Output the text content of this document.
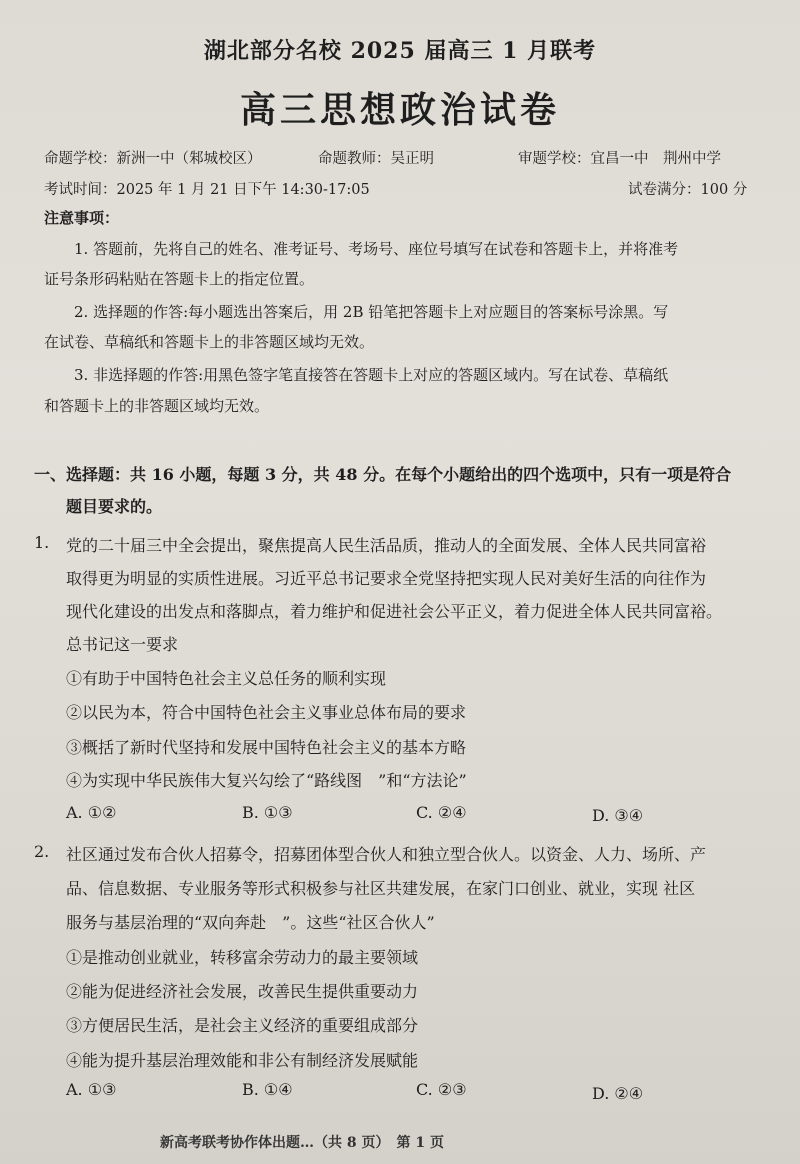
湖北部分名校 2025 届高三 1 月联考
高三思想政治试卷
命题学校：新洲一中（邾城校区）	命题教师：吴正明	审题学校：宜昌一中　荆州中学
考试时间：2025 年 1 月 21 日下午 14:30-17:05	试卷满分：100 分
注意事项：
1. 答题前，先将自己的姓名、准考证号、考场号、座位号填写在试卷和答题卡上，并将准考
证号条形码粘贴在答题卡上的指定位置。
2. 选择题的作答:每小题选出答案后，用 2B 铅笔把答题卡上对应题目的答案标号涂黑。写
在试卷、草稿纸和答题卡上的非答题区域均无效。
3. 非选择题的作答:用黑色签字笔直接答在答题卡上对应的答题区域内。写在试卷、草稿纸
和答题卡上的非答题区域均无效。
一、选择题：共 16 小题，每题 3 分，共 48 分。在每个小题给出的四个选项中，只有一项是符合
题目要求的。
1. 党的二十届三中全会提出，聚焦提高人民生活品质，推动人的全面发展、全体人民共同富裕
取得更为明显的实质性进展。习近平总书记要求全党坚持把实现人民对美好生活的向往作为
现代化建设的出发点和落脚点，着力维护和促进社会公平正义，着力促进全体人民共同富裕。
总书记这一要求
①有助于中国特色社会主义总任务的顺利实现
②以民为本，符合中国特色社会主义事业总体布局的要求
③概括了新时代坚持和发展中国特色社会主义的基本方略
④为实现中华民族伟大复兴勾绘了“路线图　”和“方法论”
A. ①②	B. ①③	C. ②④	D. ③④
2. 社区通过发布合伙人招募令，招募团体型合伙人和独立型合伙人。以资金、人力、场所、产
品、信息数据、专业服务等形式积极参与社区共建发展，在家门口创业、就业，实现 社区
服务与基层治理的“双向奔赴　”。这些“社区合伙人”
①是推动创业就业，转移富余劳动力的最主要领域
②能为促进经济社会发展，改善民生提供重要动力
③方便居民生活，是社会主义经济的重要组成部分
④能为提升基层治理效能和非公有制经济发展赋能
A. ①③	B. ①④	C. ②③	D. ②④
新高考联考协作体出题…（共 8 页）　第 1 页
